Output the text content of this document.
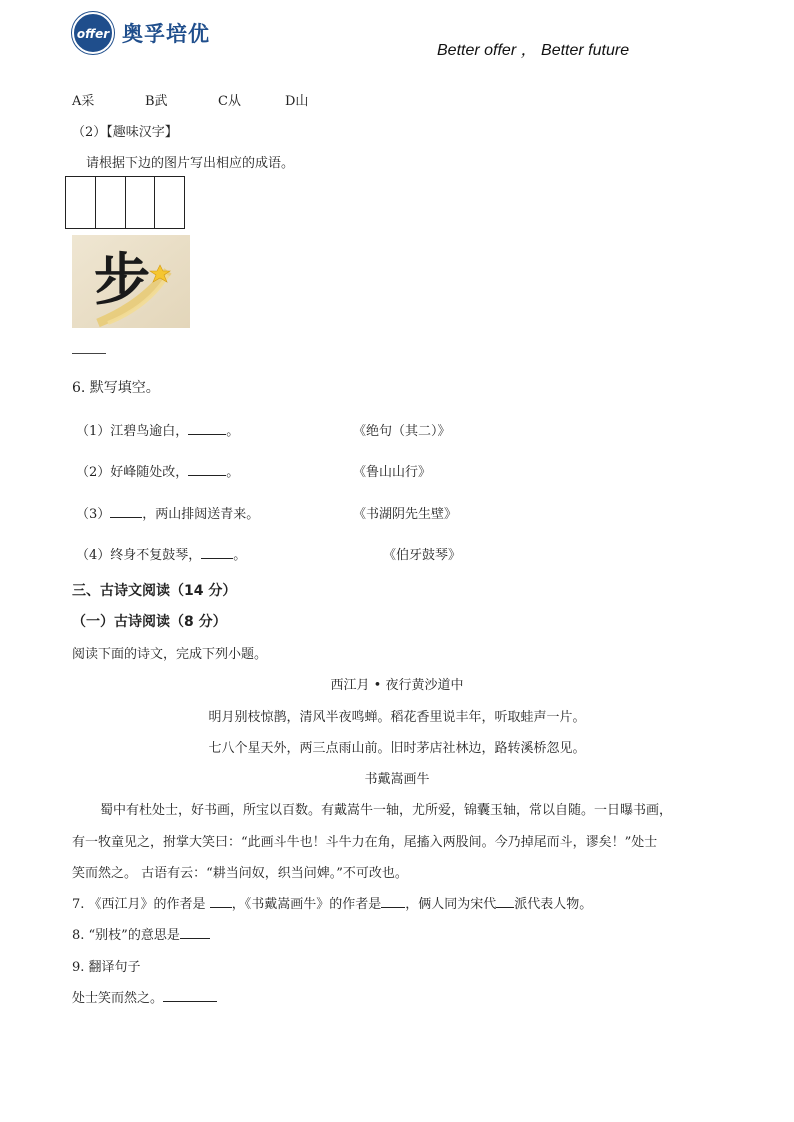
offer 奥孚培优
Better offer ， Better future
A采	B武	C从	D山
（2）【趣味汉字】
请根据下边的图片写出相应的成语。
步
6. 默写填空。
（1）江碧鸟逾白，	。	《绝句（其二）》
（2）好峰随处改，	。	《鲁山山行》
（3） ，两山排闼送青来。	《书湖阴先生壁》
（4）终身不复鼓琴， 。	《伯牙鼓琴》
三、古诗文阅读（14 分）
（一）古诗阅读（8 分）
阅读下面的诗文，完成下列小题。
西江月 • 夜行黄沙道中
明月别枝惊鹊，清风半夜鸣蝉。稻花香里说丰年，听取蛙声一片。
七八个星天外，两三点雨山前。旧时茅店社林边，路转溪桥忽见。
书戴嵩画牛
蜀中有杜处士，好书画，所宝以百数。有戴嵩牛一轴，尤所爱，锦囊玉轴，常以自随。一日曝书画，
有一牧童见之，拊掌大笑曰：“此画斗牛也！斗牛力在角，尾搐入两股间。今乃掉尾而斗，谬矣！”处士
笑而然之。 古语有云：“耕当问奴，织当问婢。”不可改也。
7. 《西江月》的作者是 ，《书戴嵩画牛》的作者是 ，俩人同为宋代 派代表人物。
8. “别枝”的意思是
9. 翻译句子
处士笑而然之。
